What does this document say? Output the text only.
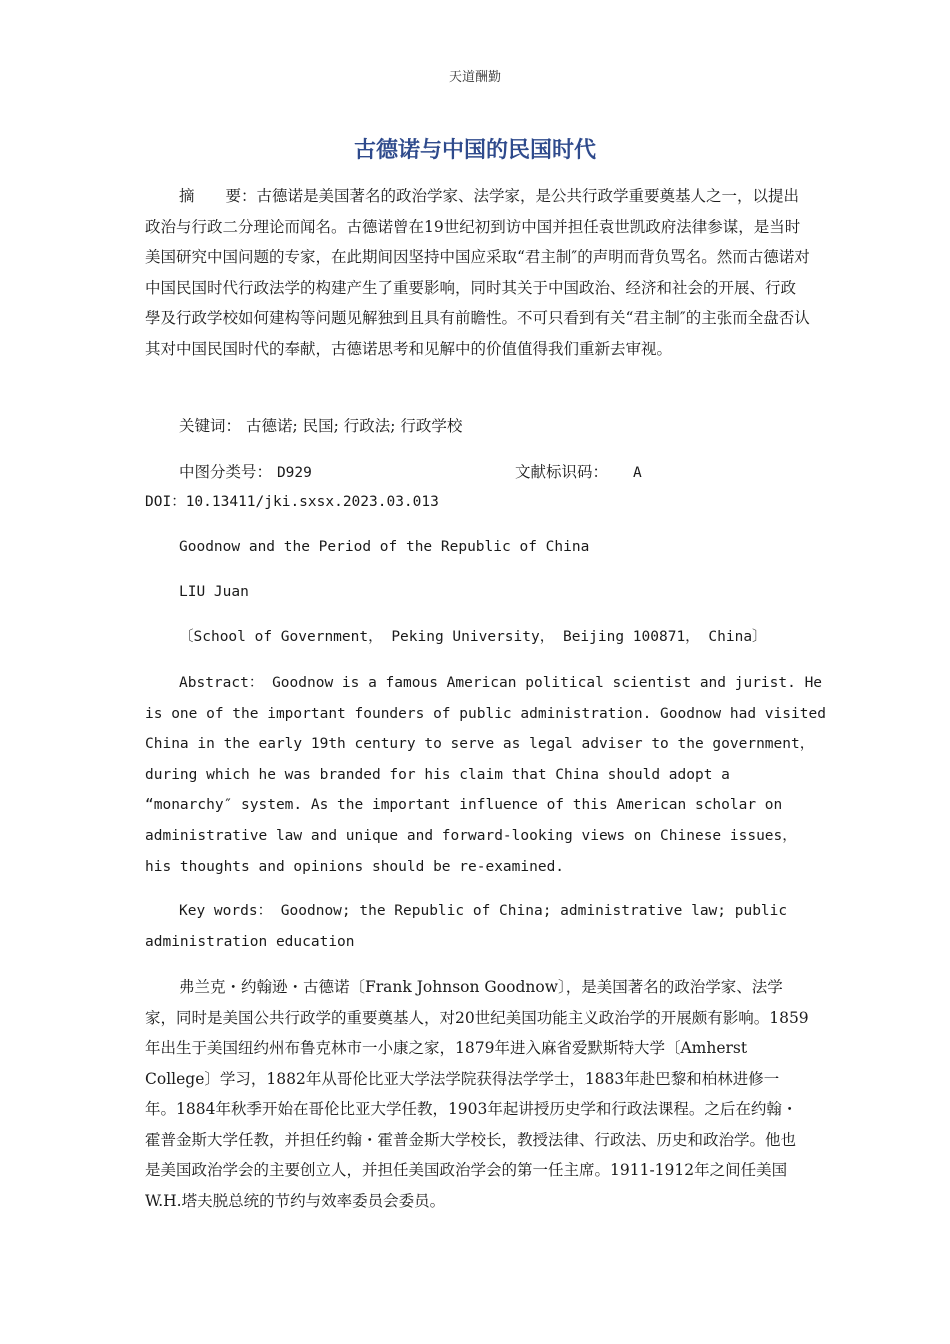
天道酬勤
古德诺与中国的民国时代
摘　　要：古德诺是美国著名的政治学家、法学家，是公共行政学重要奠基人之一，以提出政治与行政二分理论而闻名。古德诺曾在19世纪初到访中国并担任袁世凯政府法律参谋，是当时美国研究中国问题的专家，在此期间因坚持中国应采取“君主制″的声明而背负骂名。然而古德诺对中国民国时代行政法学的构建产生了重要影响，同时其关于中国政治、经济和社会的开展、行政學及行政学校如何建构等问题见解独到且具有前瞻性。不可只看到有关“君主制″的主张而全盘否认其对中国民国时代的奉献，古德诺思考和见解中的价值值得我们重新去审视。
关键词： 古德诺; 民国; 行政法; 行政学校
中图分类号： D929	文献标识码： A
DOI：10.13411/jki.sxsx.2023.03.013
Goodnow and the Period of the Republic of China
LIU Juan
〔School of Government， Peking University， Beijing 100871， China〕

Abstract： Goodnow is a famous American political scientist and jurist. He

is one of the important founders of public administration. Goodnow had visited

China in the early 19th century to serve as legal adviser to the government，

during which he was branded for his claim that China should adopt a

“monarchy″ system. As the important influence of this American scholar on

administrative law and unique and forward-looking views on Chinese issues，

his thoughts and opinions should be re-examined.

Key words： Goodnow; the Republic of China; administrative law; public

administration education

弗兰克・约翰逊・古德诺〔Frank Johnson Goodnow〕，是美国著名的政治学家、法学家，同时是美国公共行政学的重要奠基人，对20世纪美国功能主义政治学的开展颇有影响。1859年出生于美国纽约州布鲁克林市一小康之家，1879年进入麻省爱默斯特大学〔Amherst College〕学习，1882年从哥伦比亚大学法学院获得法学学士，1883年赴巴黎和柏林进修一年。1884年秋季开始在哥伦比亚大学任教，1903年起讲授历史学和行政法课程。之后在约翰・霍普金斯大学任教，并担任约翰・霍普金斯大学校长，教授法律、行政法、历史和政治学。他也是美国政治学会的主要创立人，并担任美国政治学会的第一任主席。1911-1912年之间任美国 W.H.塔夫脱总统的节约与效率委员会委员。
